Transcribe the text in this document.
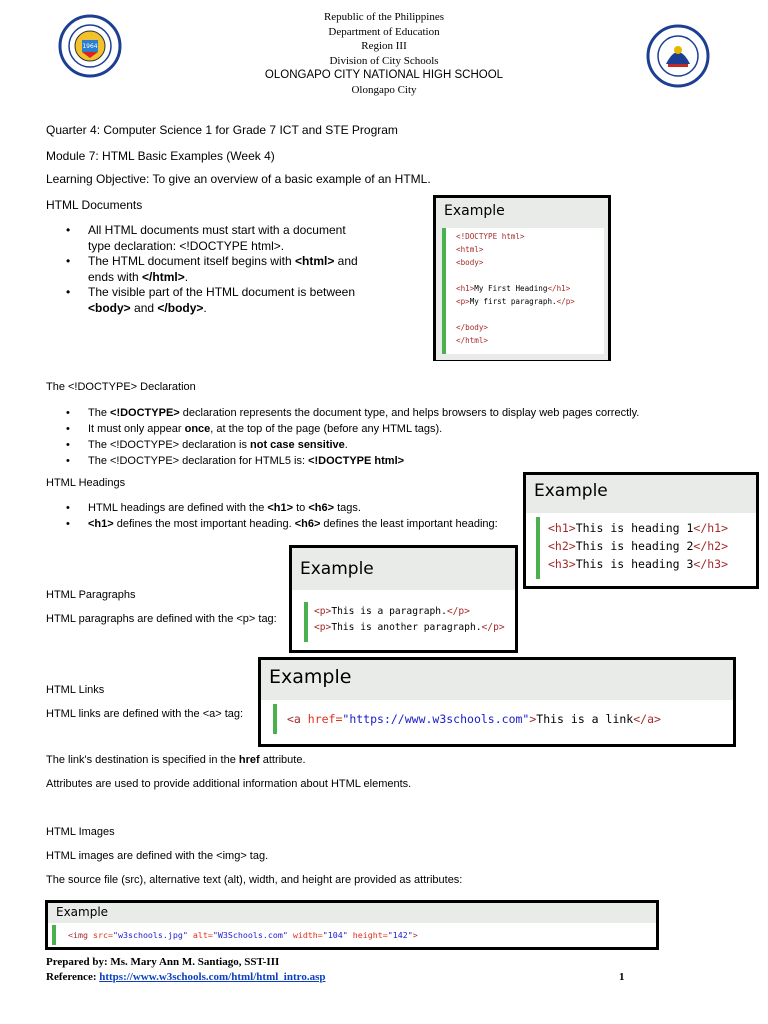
1964
Republic of the Philippines
Department of Education
Region III
Division of City Schools
OLONGAPO CITY NATIONAL HIGH SCHOOL
Olongapo City
Quarter 4: Computer Science 1 for Grade 7 ICT and STE Program
Module 7: HTML Basic Examples (Week 4)
Learning Objective: To give an overview of a basic example of an HTML.
HTML Documents
• All HTML documents must start with a document type declaration: <!DOCTYPE html>.
• The HTML document itself begins with <html> and ends with </html>.
• The visible part of the HTML document is between <body> and </body>.
Example
<!DOCTYPE html>
<html>
<body>

<h1>My First Heading</h1>
<p>My first paragraph.</p>

</body>
</html>
The <!DOCTYPE> Declaration
• The <!DOCTYPE> declaration represents the document type, and helps browsers to display web pages correctly.
• It must only appear once, at the top of the page (before any HTML tags).
• The <!DOCTYPE> declaration is not case sensitive.
• The <!DOCTYPE> declaration for HTML5 is: <!DOCTYPE html>
HTML Headings
• HTML headings are defined with the <h1> to <h6> tags.
• <h1> defines the most important heading. <h6> defines the least important heading:
Example
<h1>This is heading 1</h1>
<h2>This is heading 2</h2>
<h3>This is heading 3</h3>
HTML Paragraphs
HTML paragraphs are defined with the <p> tag:
Example
<p>This is a paragraph.</p>
<p>This is another paragraph.</p>
HTML Links
HTML links are defined with the <a> tag:
Example
<a href="https://www.w3schools.com">This is a link</a>
The link's destination is specified in the href attribute.
Attributes are used to provide additional information about HTML elements.
HTML Images
HTML images are defined with the <img> tag.
The source file (src), alternative text (alt), width, and height are provided as attributes:
Example
<img src="w3schools.jpg" alt="W3Schools.com" width="104" height="142">
Prepared by: Ms. Mary Ann M. Santiago, SST-III
Reference: https://www.w3schools.com/html/html_intro.asp	1
